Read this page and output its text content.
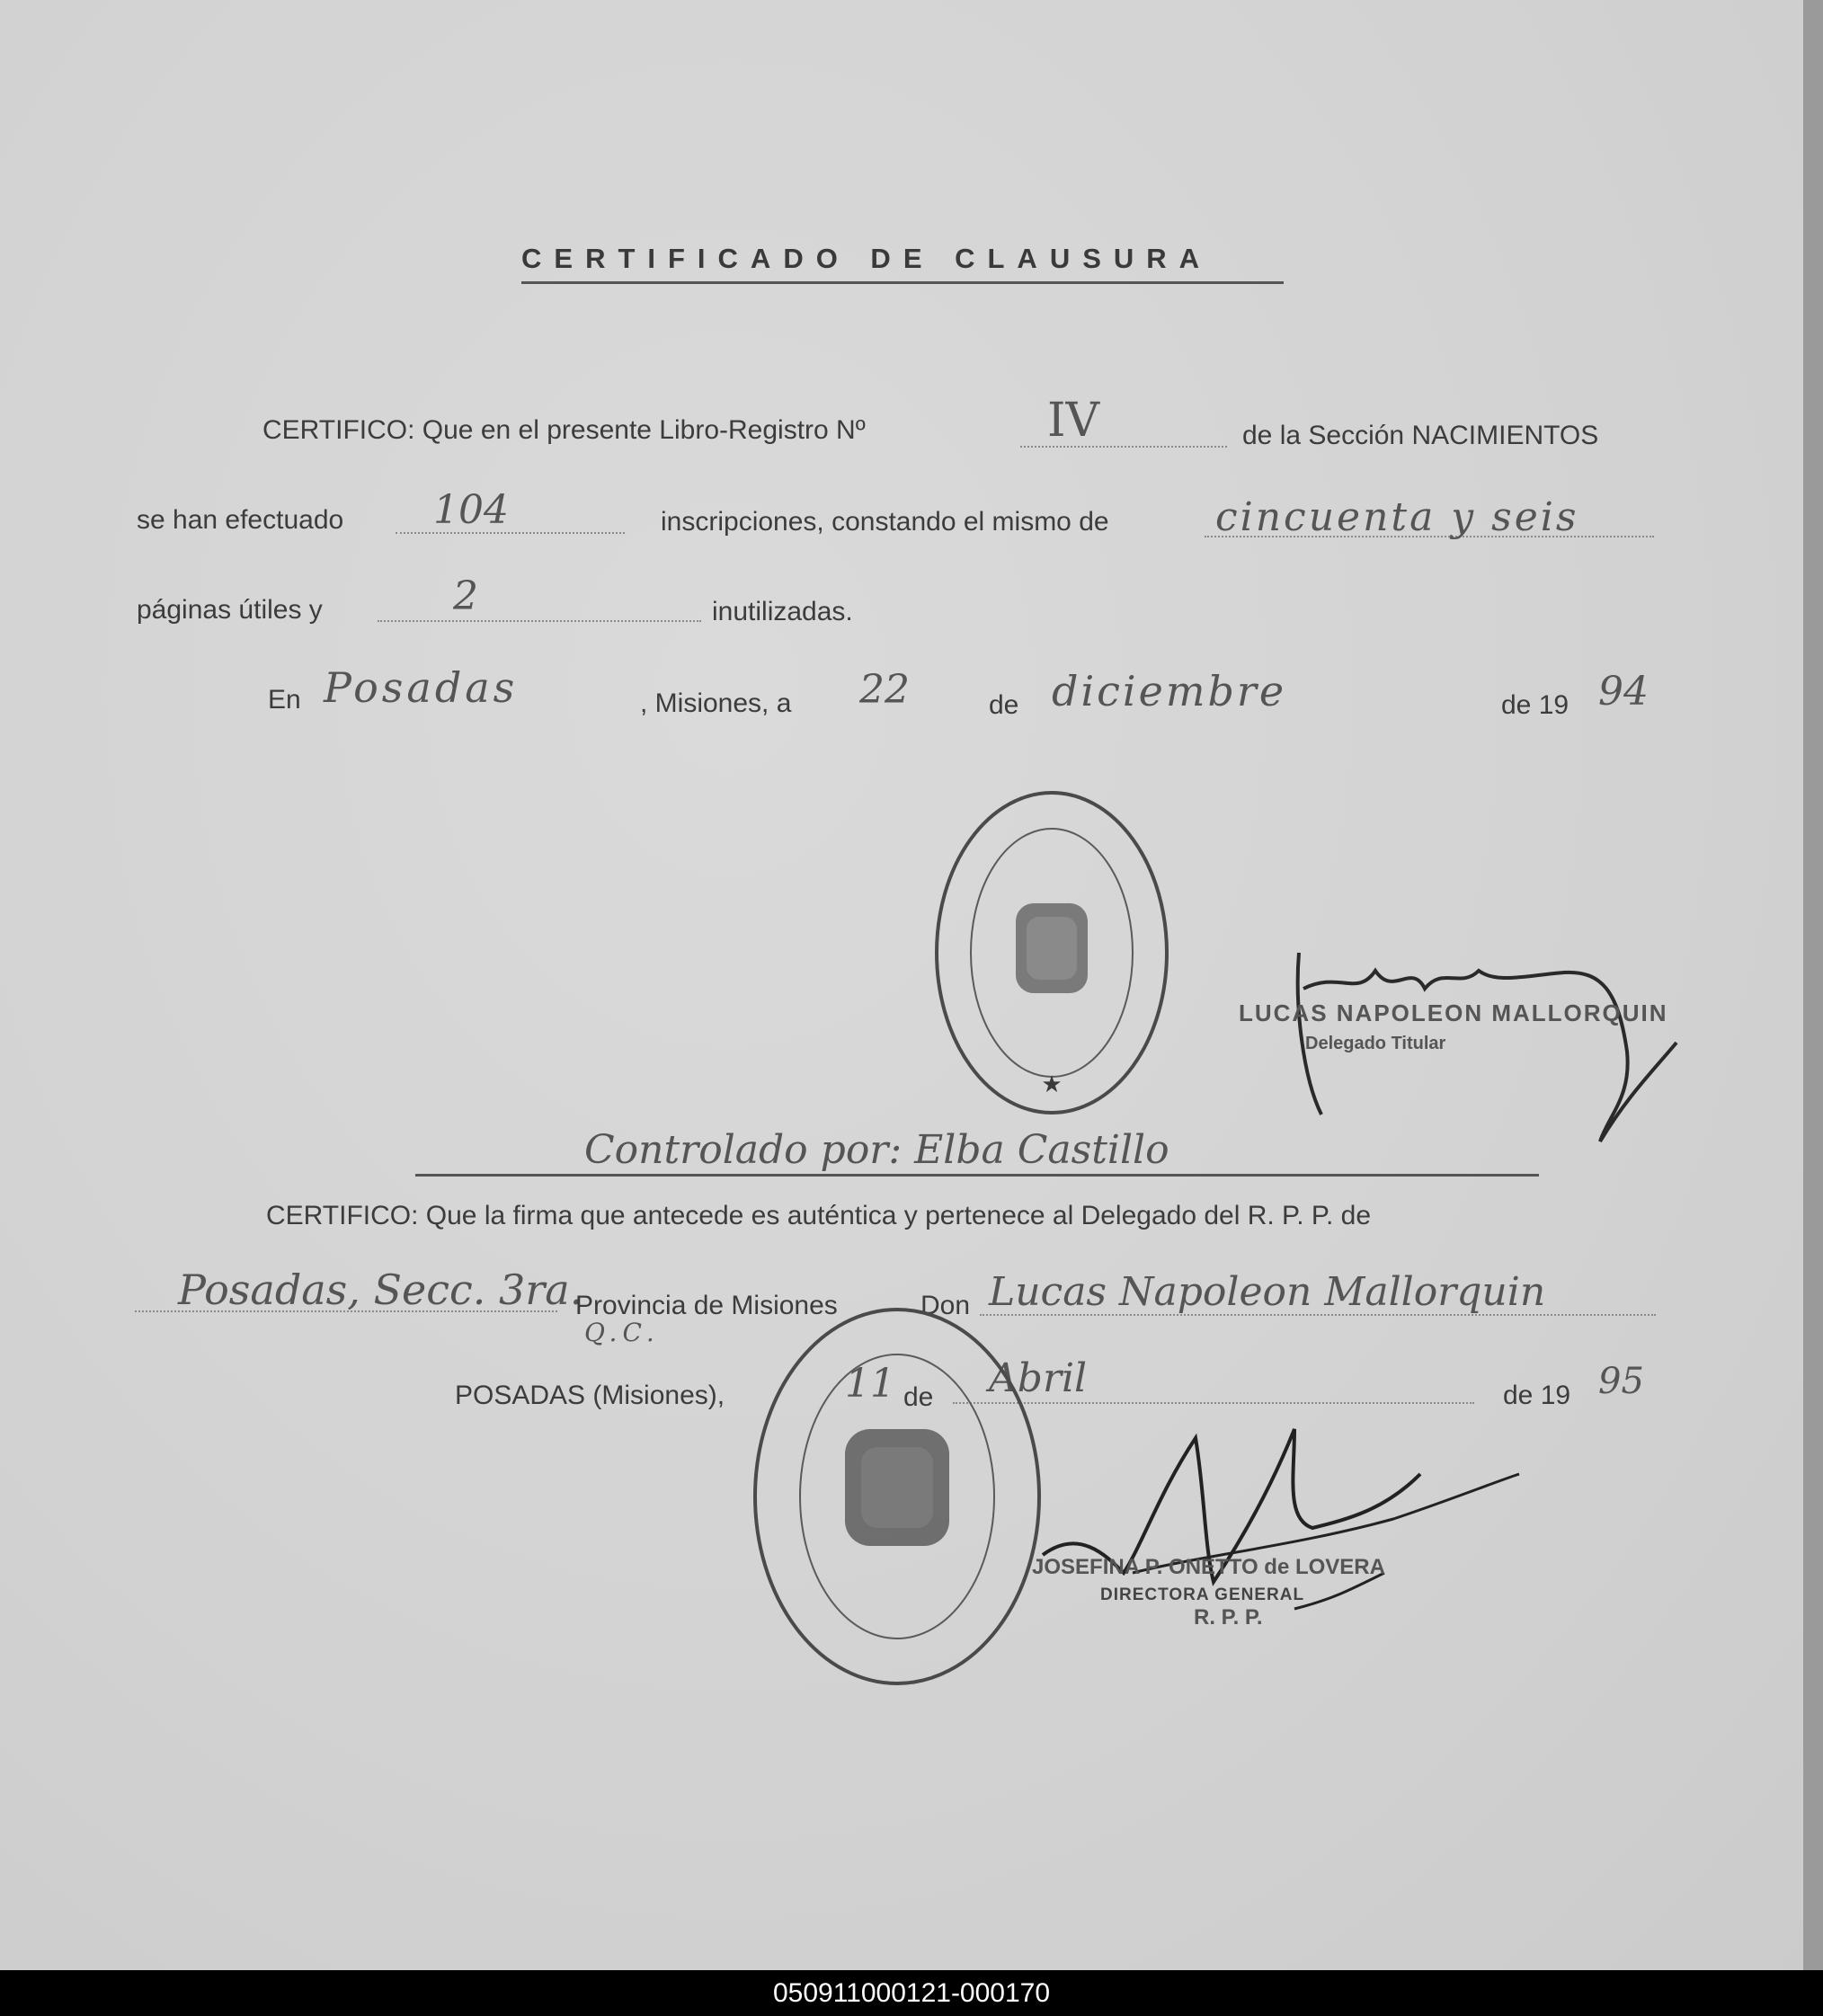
CERTIFICADO DE CLAUSURA
CERTIFICO: Que en el presente Libro-Registro Nº	IV	de la Sección NACIMIENTOS
se han efectuado 104	inscripciones, constando el mismo de	cincuenta y seis
páginas útiles y	2	inutilizadas.
En Posadas	, Misiones, a 22	de diciembre	de 19 94
★
LUCAS NAPOLEON MALLORQUIN
Delegado Titular
Controlado por: Elba Castillo
CERTIFICO: Que la firma que antecede es auténtica y pertenece al Delegado del R. P. P. de
Posadas, Secc. 3ra.
Provincia de Misiones	Don Lucas Napoleon Mallorquin
Q.C.
POSADAS (Misiones),	11 de Abril	de 19 95
JOSEFINA P. ONETTO de LOVERA
DIRECTORA GENERAL
R. P. P.
050911000121-000170
